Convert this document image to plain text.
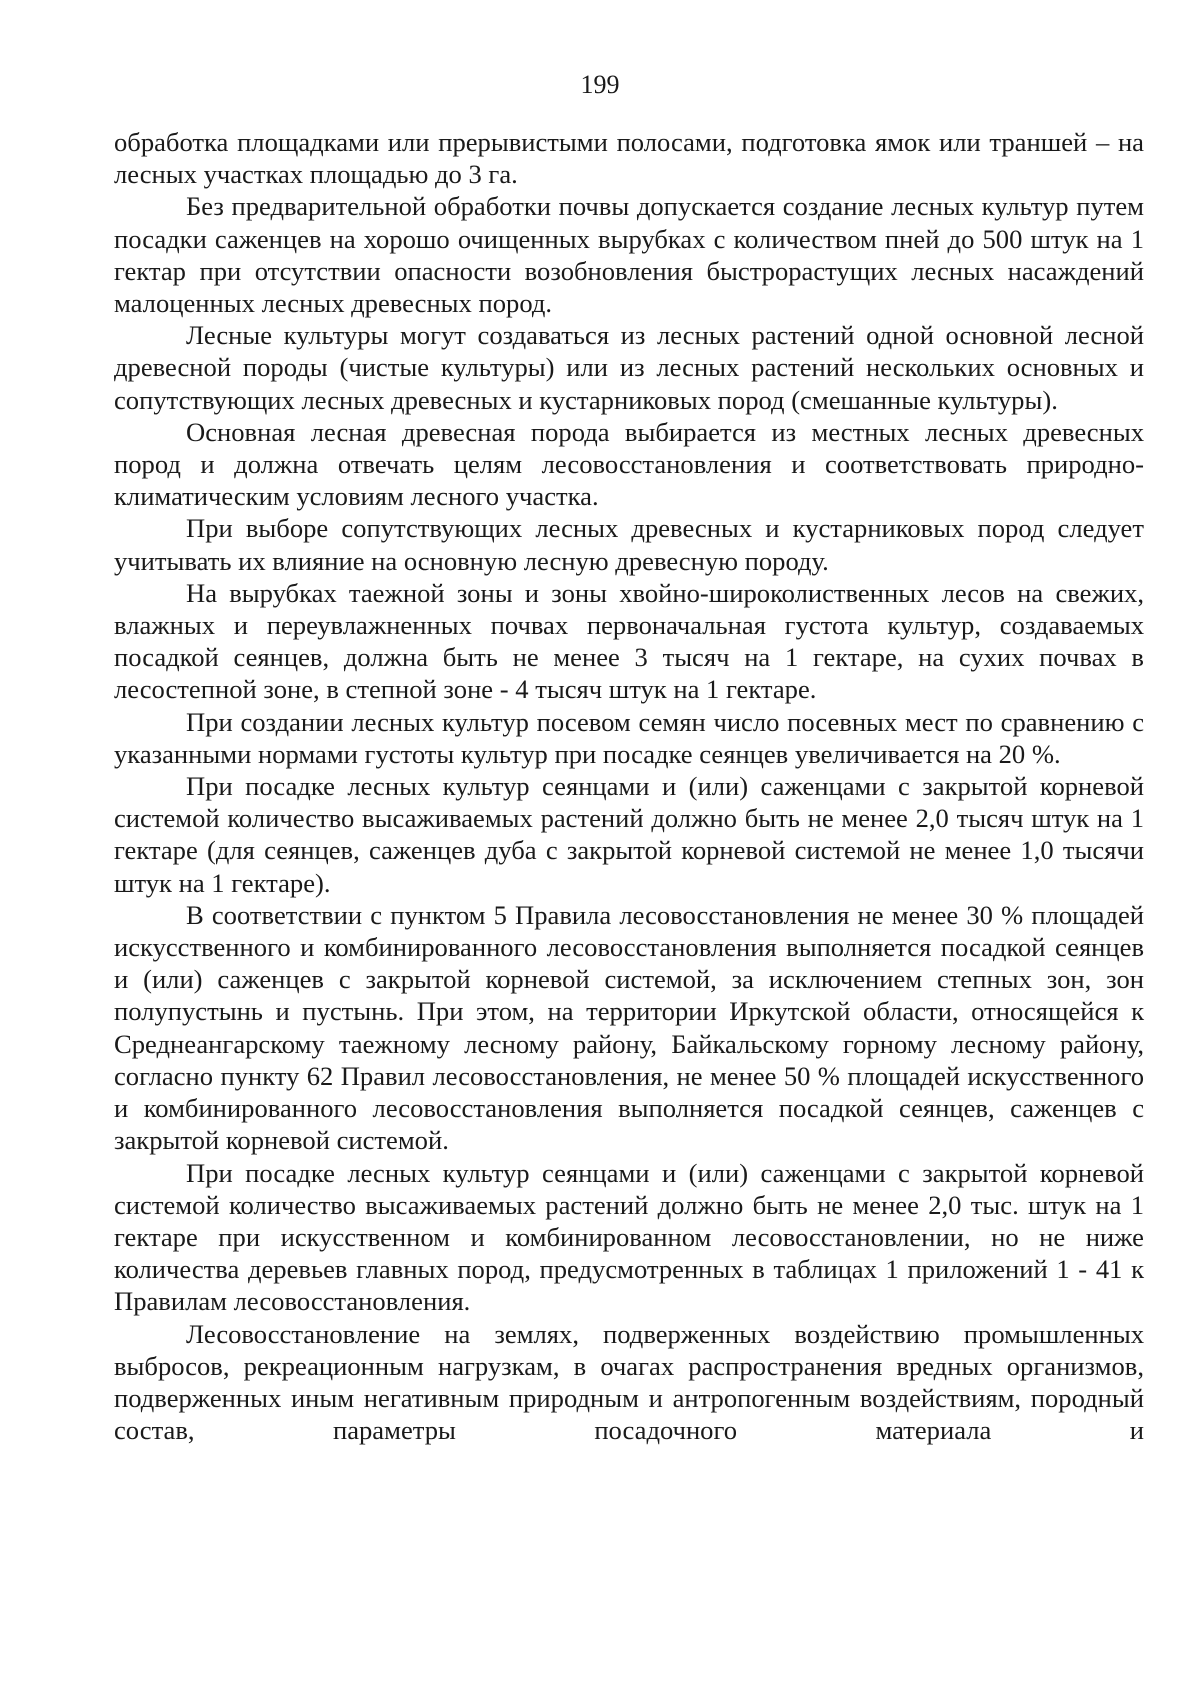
199

обработка площадками или прерывистыми полосами, подготовка ямок или траншей – на лесных участках площадью до 3 га.

Без предварительной обработки почвы допускается создание лесных культур путем посадки саженцев на хорошо очищенных вырубках с количеством пней до 500 штук на 1 гектар при отсутствии опасности возобновления быстрорастущих лесных насаждений малоценных лесных древесных пород.

Лесные культуры могут создаваться из лесных растений одной основной лесной древесной породы (чистые культуры) или из лесных растений нескольких основных и сопутствующих лесных древесных и кустарниковых пород (смешанные культуры).

Основная лесная древесная порода выбирается из местных лесных древесных пород и должна отвечать целям лесовосстановления и соответствовать природно-климатическим условиям лесного участка.

При выборе сопутствующих лесных древесных и кустарниковых пород следует учитывать их влияние на основную лесную древесную породу.

На вырубках таежной зоны и зоны хвойно-широколиственных лесов на свежих, влажных и переувлажненных почвах первоначальная густота культур, создаваемых посадкой сеянцев, должна быть не менее 3 тысяч на 1 гектаре, на сухих почвах в лесостепной зоне, в степной зоне - 4 тысяч штук на 1 гектаре.

При создании лесных культур посевом семян число посевных мест по сравнению с указанными нормами густоты культур при посадке сеянцев увеличивается на 20 %.

При посадке лесных культур сеянцами и (или) саженцами с закрытой корневой системой количество высаживаемых растений должно быть не менее 2,0 тысяч штук на 1 гектаре (для сеянцев, саженцев дуба с закрытой корневой системой не менее 1,0 тысячи штук на 1 гектаре).

В соответствии с пунктом 5 Правила лесовосстановления не менее 30 % площадей искусственного и комбинированного лесовосстановления выполняется посадкой сеянцев и (или) саженцев с закрытой корневой системой, за исключением степных зон, зон полупустынь и пустынь. При этом, на территории Иркутской области, относящейся к Среднеангарскому таежному лесному району, Байкальскому горному лесному району, согласно пункту 62 Правил лесовосстановления, не менее 50 % площадей искусственного и комбинированного лесовосстановления выполняется посадкой сеянцев, саженцев с закрытой корневой системой.

При посадке лесных культур сеянцами и (или) саженцами с закрытой корневой системой количество высаживаемых растений должно быть не менее 2,0 тыс. штук на 1 гектаре при искусственном и комбинированном лесовосстановлении, но не ниже количества деревьев главных пород, предусмотренных в таблицах 1 приложений 1 - 41 к Правилам лесовосстановления.

Лесовосстановление на землях, подверженных воздействию промышленных выбросов, рекреационным нагрузкам, в очагах распространения вредных организмов, подверженных иным негативным природным и антропогенным воздействиям, породный состав, параметры посадочного материала и
